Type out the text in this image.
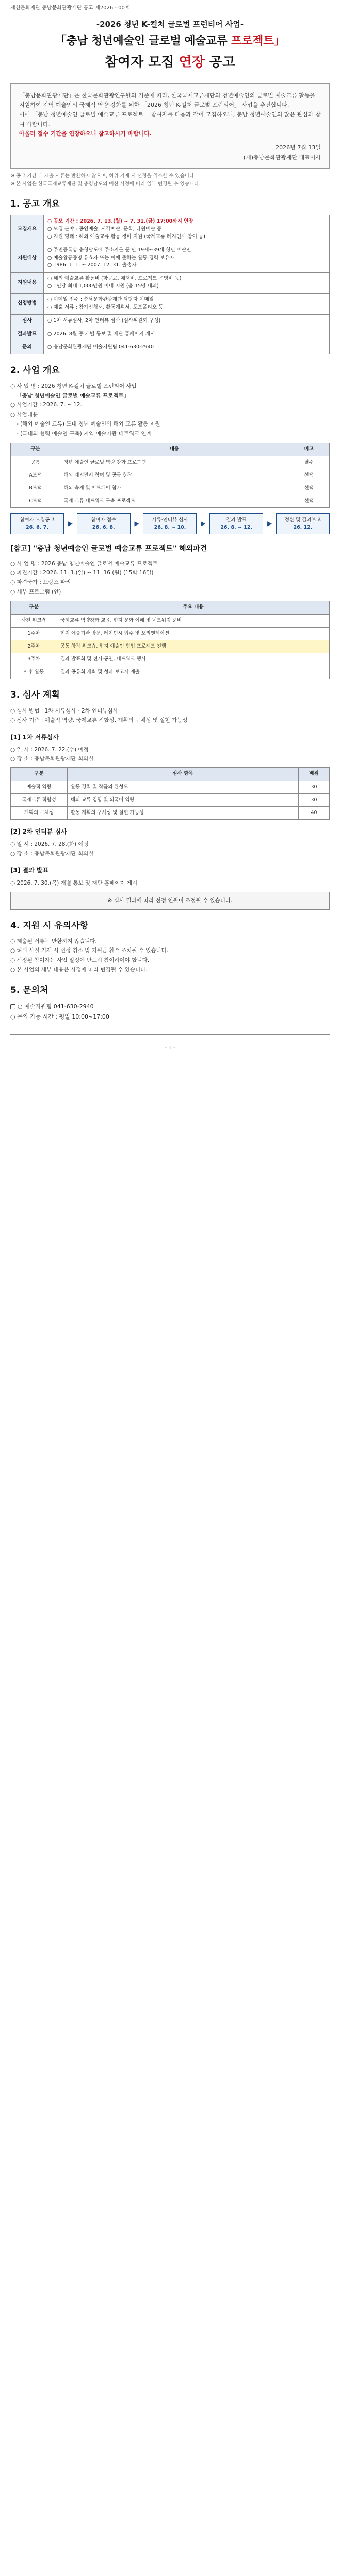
제천문화재단 충남문화관광재단 공고 제2026 - 00호
-2026 청년 K-컬처 글로벌 프런티어 사업-
「충남 청년예술인 글로벌 예술교류 프로젝트」
참여자 모집 연장 공고

「충남문화관광재단」은 한국문화관광연구원의 기준에 따라, 한국국제교류재단의 청년예술인의 글로벌 예술교류 활동을 지원하여 지역 예술인의 국제적 역량 강화를 위한 「2026 청년 K-컬처 글로벌 프런티어」 사업을 추진합니다.

이에 「충남 청년예술인 글로벌 예술교류 프로젝트」 참여자를 다음과 같이 모집하오니, 충남 청년예술인의 많은 관심과 참여 바랍니다.

아울러 접수 기간을 연장하오니 참고하시기 바랍니다.

2026년 7월 13일
(재)충남문화관광재단 대표이사
※ 공고 기간 내 제출 서류는 반환하지 않으며, 허위 기재 시 선정을 취소할 수 있습니다.
※ 본 사업은 한국국제교류재단 및 충청남도의 예산 사정에 따라 일부 변경될 수 있습니다.
1. 공고 개요
모집개요	○ 공모 기간 : 2026. 7. 13.(월) ~ 7. 31.(금) 17:00까지 연장
○ 모집 분야 : 공연예술, 시각예술, 문학, 다원예술 등
○ 지원 형태 : 해외 예술교류 활동 경비 지원 (국제교류 레지던시 참여 등)

지원대상	○ 주민등록상 충청남도에 주소지를 둔 만 19세~39세 청년 예술인
○ 예술활동증명 유효자 또는 이에 준하는 활동 경력 보유자
○ 1986. 1. 1. ~ 2007. 12. 31. 출생자

지원내용	○ 해외 예술교류 활동비 (항공료, 체재비, 프로젝트 운영비 등)
○ 1인당 최대 1,000만원 이내 지원 (총 15명 내외)

신청방법	○ 이메일 접수 : 충남문화관광재단 담당자 이메일
○ 제출 서류 : 참가신청서, 활동계획서, 포트폴리오 등

심사	○ 1차 서류심사, 2차 인터뷰 심사 (심사위원회 구성)

결과발표	○ 2026. 8월 중 개별 통보 및 재단 홈페이지 게시

문의	○ 충남문화관광재단 예술지원팀 041-630-2940
2. 사업 개요
○ 사 업 명 : 2026 청년 K-컬처 글로벌 프런티어 사업
「충남 청년예술인 글로벌 예술교류 프로젝트」
○ 사업기간 : 2026. 7. ~ 12.
○ 사업내용
- (해외 예술인 교류) 도내 청년 예술인의 해외 교류 활동 지원
- (국내외 협력 예술인 구축) 지역 예술기관 네트워크 연계
구분	내용	비고
공통	청년 예술인 글로벌 역량 강화 프로그램	필수
A트랙	해외 레지던시 참여 및 공동 창작	선택
B트랙	해외 축제 및 아트페어 참가	선택
C트랙	국제 교류 네트워크 구축 프로젝트	선택
참여자 모집공고
26. 6. 7.	▶	참여자 접수
26. 6. 8.	▶	서류·인터뷰 심사
26. 8. ~ 10.	▶	결과 발표
26. 8. ~ 12.	▶	정산 및 결과보고
26. 12.
[참고] "충남 청년예술인 글로벌 예술교류 프로젝트" 해외파견
○ 사 업 명 : 2026 충남 청년예술인 글로벌 예술교류 프로젝트
○ 파견기간 : 2026. 11. 1.(일) ~ 11. 16.(월) (15박 16일)
○ 파견국가 : 프랑스 파리
○ 세부 프로그램 (안)
구분	주요 내용
사전 워크숍	국제교류 역량강화 교육, 현지 문화 이해 및 네트워킹 준비
1주차	현지 예술기관 방문, 레지던시 입주 및 오리엔테이션
2주차	공동 창작 워크숍, 현지 예술인 협업 프로젝트 진행
3주차	결과 발표회 및 전시·공연, 네트워크 행사
사후 활동	결과 공유회 개최 및 성과 보고서 제출
3. 심사 계획
○ 심사 방법 : 1차 서류심사 - 2차 인터뷰심사
○ 심사 기준 : 예술적 역량, 국제교류 적합성, 계획의 구체성 및 실현 가능성
[1] 1차 서류심사
○ 일 시 : 2026. 7. 22.(수) 예정
○ 장 소 : 충남문화관광재단 회의실
구분	심사 항목	배점
예술적 역량	활동 경력 및 작품의 완성도	30
국제교류 적합성	해외 교류 경험 및 외국어 역량	30
계획의 구체성	활동 계획의 구체성 및 실현 가능성	40
[2] 2차 인터뷰 심사
○ 일 시 : 2026. 7. 28.(화) 예정
○ 장 소 : 충남문화관광재단 회의실
[3] 결과 발표
○ 2026. 7. 30.(목) 개별 통보 및 재단 홈페이지 게시
※ 심사 결과에 따라 선정 인원이 조정될 수 있습니다.
4. 지원 시 유의사항
○ 제출된 서류는 반환하지 않습니다.
○ 허위 사실 기재 시 선정 취소 및 지원금 환수 조치될 수 있습니다.
○ 선정된 참여자는 사업 일정에 반드시 참여하여야 합니다.
○ 본 사업의 세부 내용은 사정에 따라 변경될 수 있습니다.
5. 문의처
○ 예술지원팀 041-630-2940
○ 문의 가능 시간 : 평일 10:00~17:00
- 1 -
